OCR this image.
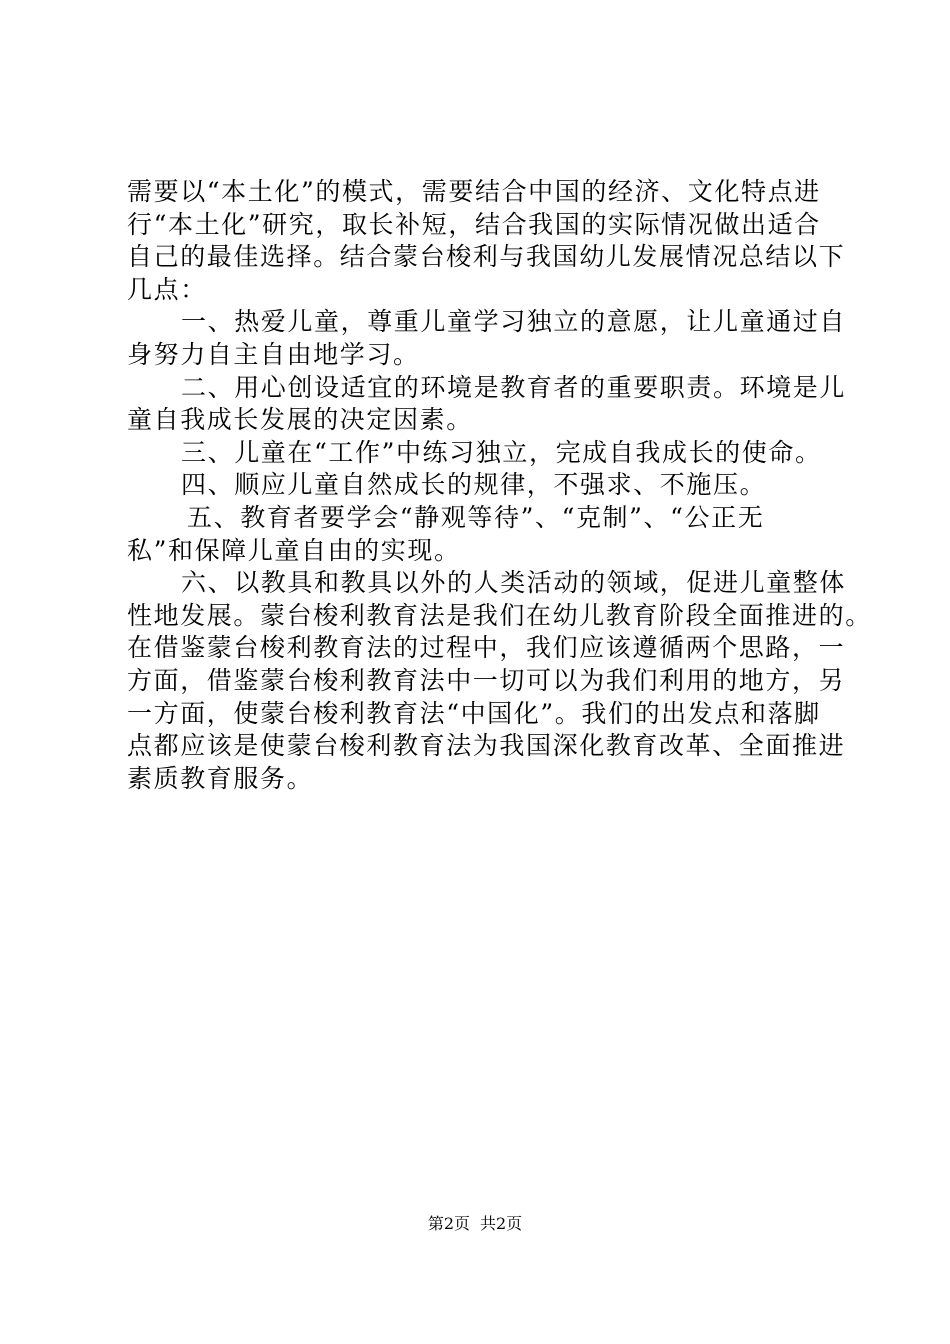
需要以“本土化”的模式，需要结合中国的经济、文化特点进
行“本土化”研究，取长补短，结合我国的实际情况做出适合
自己的最佳选择。结合蒙台梭利与我国幼儿发展情况总结以下
几点：
一、热爱儿童，尊重儿童学习独立的意愿，让儿童通过自
身努力自主自由地学习。
二、用心创设适宜的环境是教育者的重要职责。环境是儿
童自我成长发展的决定因素。
三、儿童在“工作”中练习独立，完成自我成长的使命。
四、顺应儿童自然成长的规律，不强求、不施压。
五、教育者要学会“静观等待”、“克制”、“公正无
私”和保障儿童自由的实现。
六、以教具和教具以外的人类活动的领域，促进儿童整体
性地发展。蒙台梭利教育法是我们在幼儿教育阶段全面推进的。
在借鉴蒙台梭利教育法的过程中，我们应该遵循两个思路，一
方面，借鉴蒙台梭利教育法中一切可以为我们利用的地方，另
一方面，使蒙台梭利教育法“中国化”。我们的出发点和落脚
点都应该是使蒙台梭利教育法为我国深化教育改革、全面推进
素质教育服务。
第2页 共2页
